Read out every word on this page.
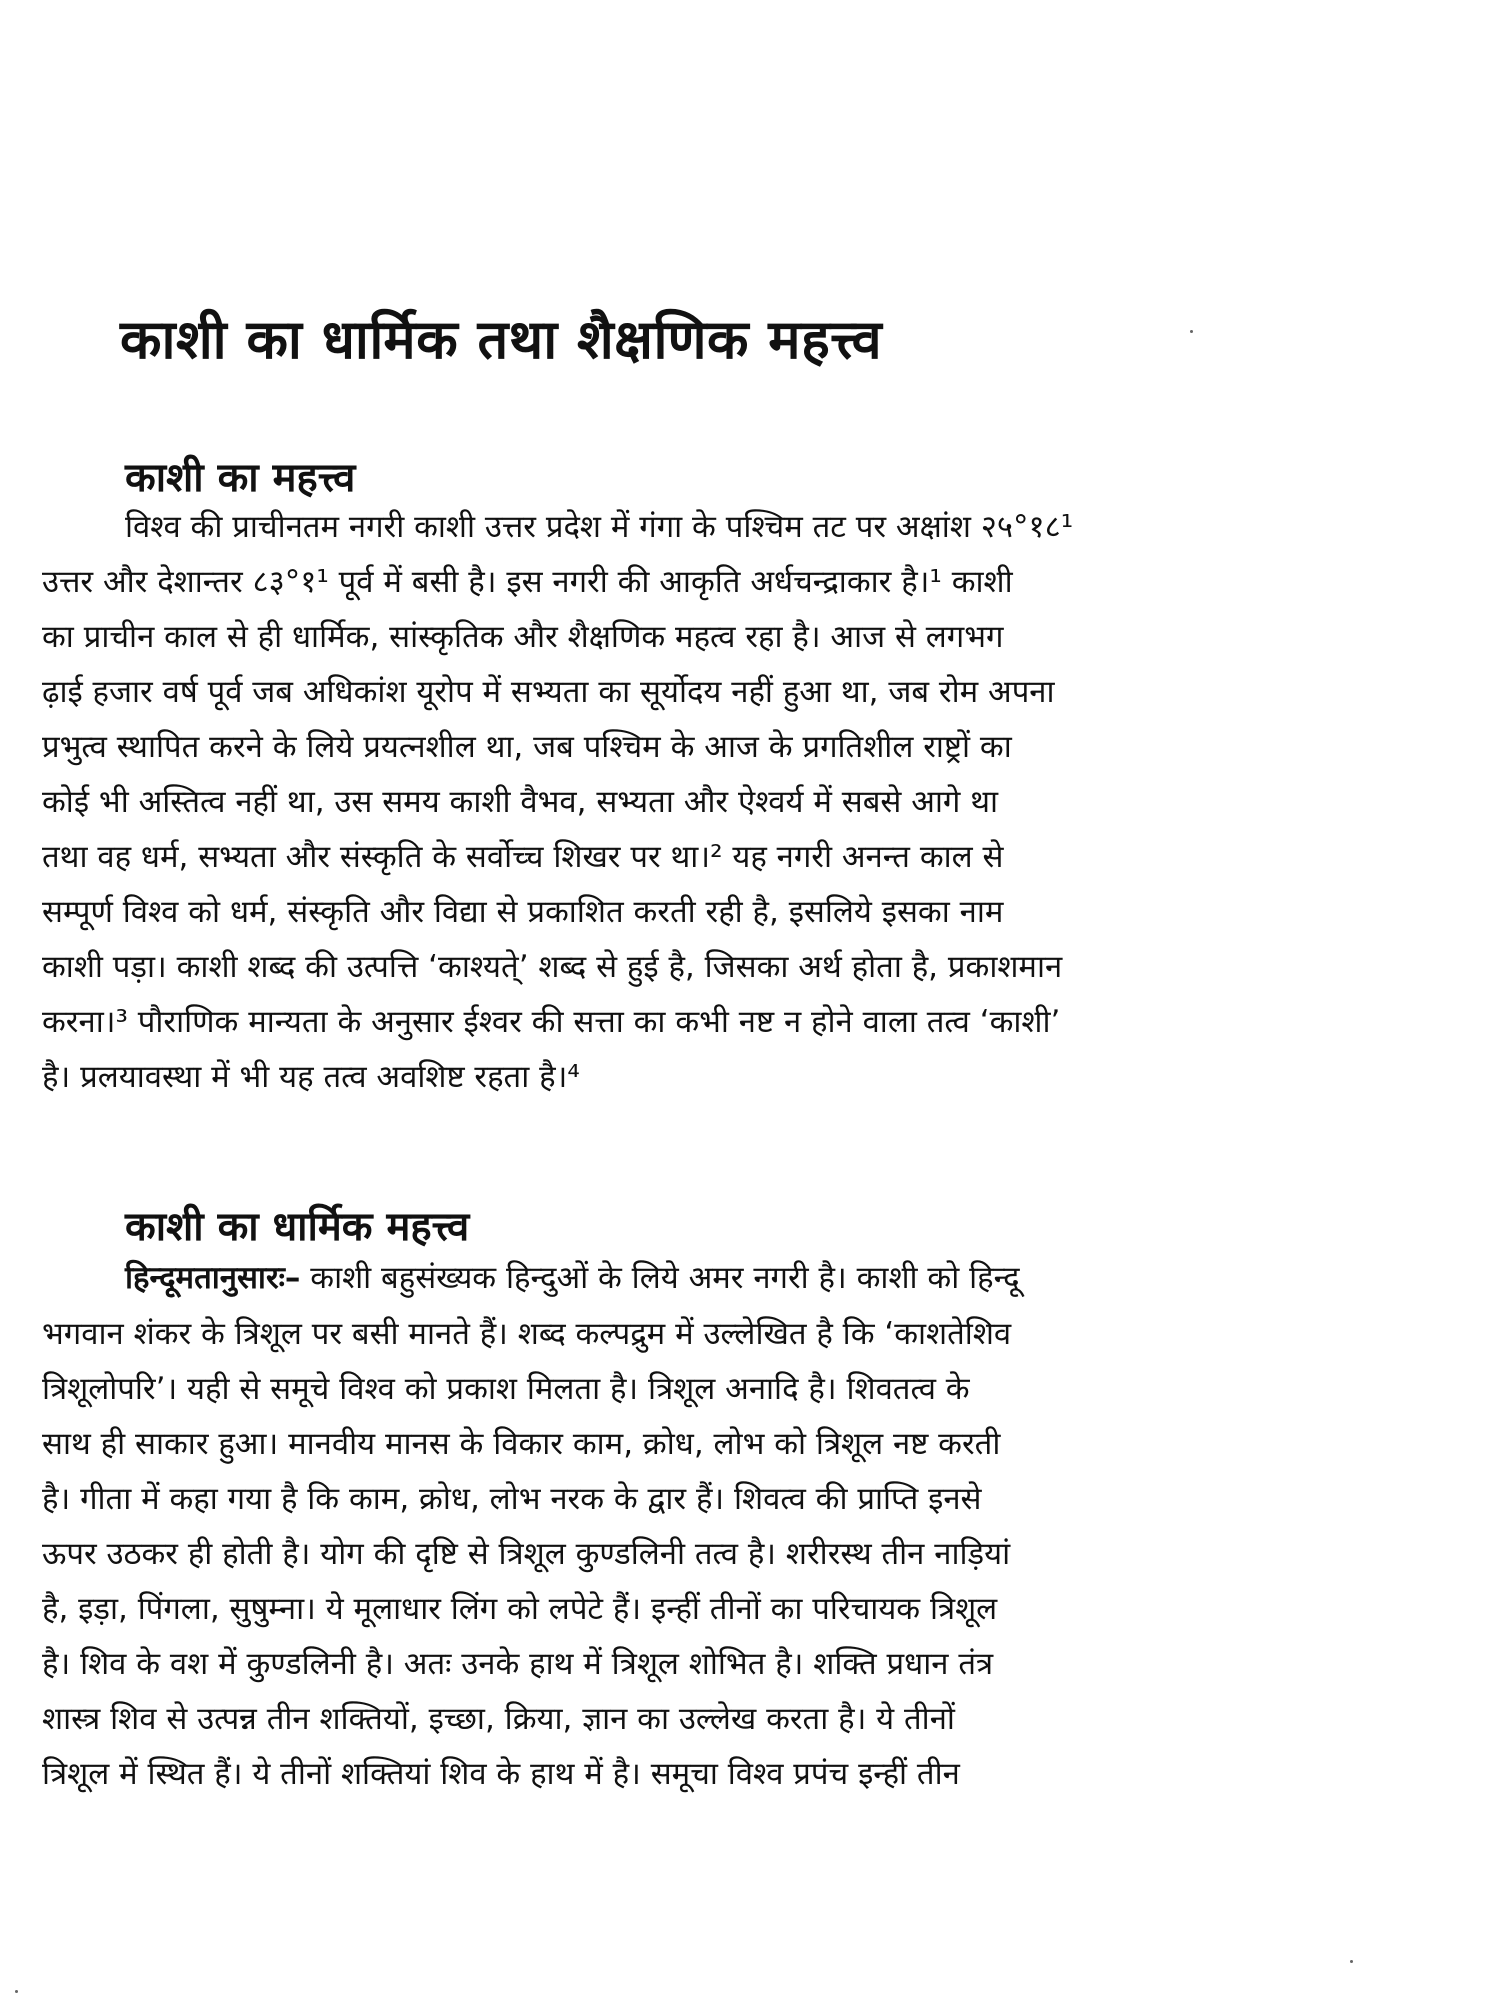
काशी का धार्मिक तथा शैक्षणिक महत्त्व
काशी का महत्त्व

विश्व की प्राचीनतम नगरी काशी उत्तर प्रदेश में गंगा के पश्चिम तट पर अक्षांश २५°१८¹

उत्तर और देशान्तर ८३°१¹ पूर्व में बसी है। इस नगरी की आकृति अर्धचन्द्राकार है।¹ काशी

का प्राचीन काल से ही धार्मिक, सांस्कृतिक और शैक्षणिक महत्व रहा है। आज से लगभग

ढ़ाई हजार वर्ष पूर्व जब अधिकांश यूरोप में सभ्यता का सूर्योदय नहीं हुआ था, जब रोम अपना

प्रभुत्व स्थापित करने के लिये प्रयत्नशील था, जब पश्चिम के आज के प्रगतिशील राष्ट्रों का

कोई भी अस्तित्व नहीं था, उस समय काशी वैभव, सभ्यता और ऐश्वर्य में सबसे आगे था

तथा वह धर्म, सभ्यता और संस्कृति के सर्वोच्च शिखर पर था।² यह नगरी अनन्त काल से

सम्पूर्ण विश्व को धर्म, संस्कृति और विद्या से प्रकाशित करती रही है, इसलिये इसका नाम

काशी पड़ा। काशी शब्द की उत्पत्ति ‘काश्यते्’ शब्द से हुई है, जिसका अर्थ होता है, प्रकाशमान

करना।³ पौराणिक मान्यता के अनुसार ईश्वर की सत्ता का कभी नष्ट न होने वाला तत्व ‘काशी’

है। प्रलयावस्था में भी यह तत्व अवशिष्ट रहता है।⁴

काशी का धार्मिक महत्त्व

हिन्दूमतानुसारः– काशी बहुसंख्यक हिन्दुओं के लिये अमर नगरी है। काशी को हिन्दू

भगवान शंकर के त्रिशूल पर बसी मानते हैं। शब्द कल्पद्रुम में उल्लेखित है कि ‘काशतेशिव

त्रिशूलोपरि’। यही से समूचे विश्व को प्रकाश मिलता है। त्रिशूल अनादि है। शिवतत्व के

साथ ही साकार हुआ। मानवीय मानस के विकार काम, क्रोध, लोभ को त्रिशूल नष्ट करती

है। गीता में कहा गया है कि काम, क्रोध, लोभ नरक के द्वार हैं। शिवत्व की प्राप्ति इनसे

ऊपर उठकर ही होती है। योग की दृष्टि से त्रिशूल कुण्डलिनी तत्व है। शरीरस्थ तीन नाड़ियां

है, इड़ा, पिंगला, सुषुम्ना। ये मूलाधार लिंग को लपेटे हैं। इन्हीं तीनों का परिचायक त्रिशूल

है। शिव के वश में कुण्डलिनी है। अतः उनके हाथ में त्रिशूल शोभित है। शक्ति प्रधान तंत्र

शास्त्र शिव से उत्पन्न तीन शक्तियों, इच्छा, क्रिया, ज्ञान का उल्लेख करता है। ये तीनों

त्रिशूल में स्थित हैं। ये तीनों शक्तियां शिव के हाथ में है। समूचा विश्व प्रपंच इन्हीं तीन
